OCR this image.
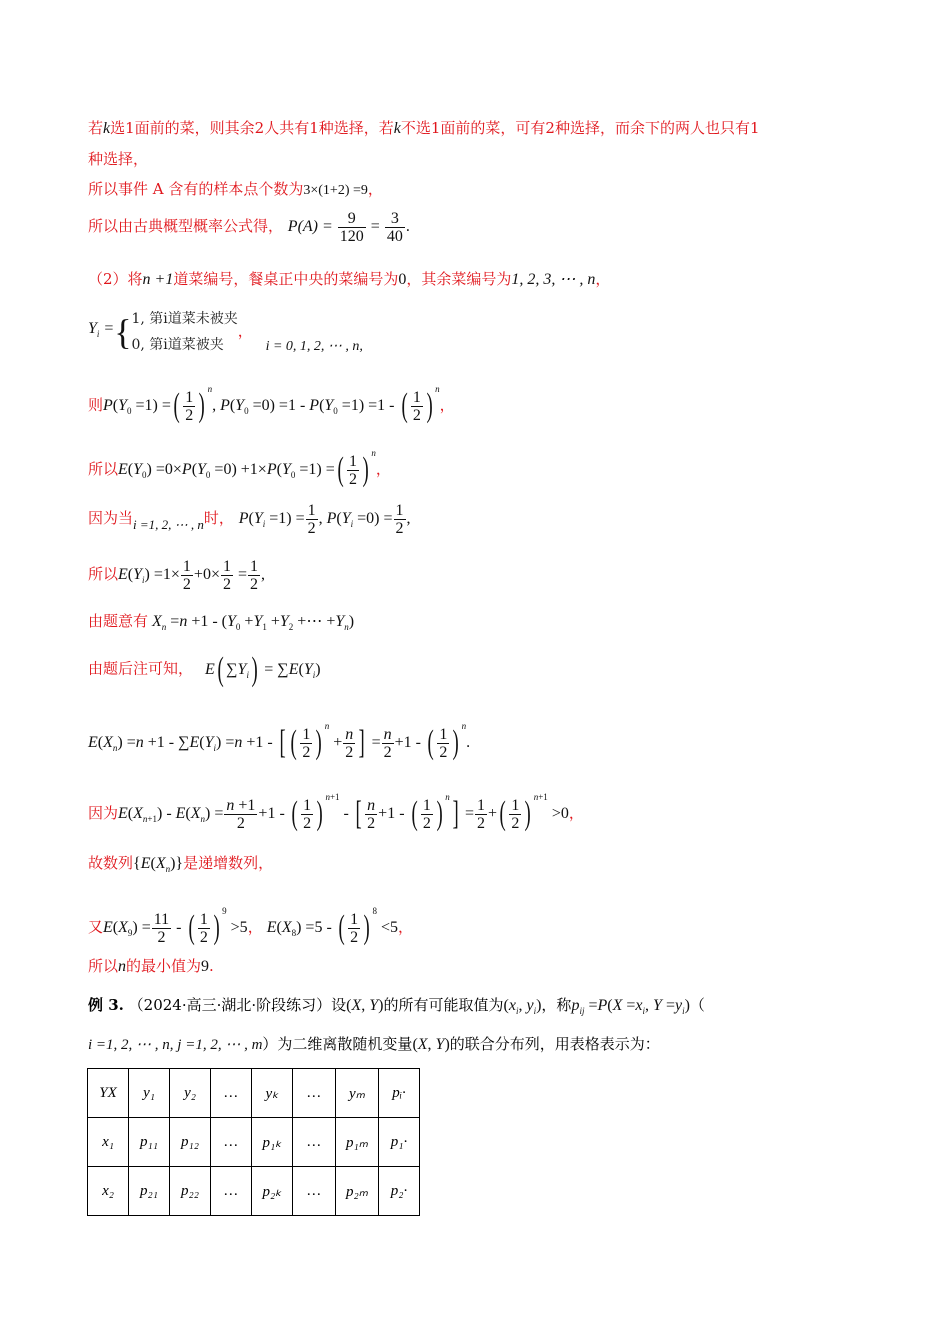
若k选1面前的菜，则其余2人共有1种选择，若k不选1面前的菜，可有2种选择，而余下的两人也只有1
种选择，
所以事件 A 含有的样本点个数为3×(1+2) =9，
所以由古典概型概率公式得， $P(A) = \frac{9}{120} = \frac{3}{40}$ .
（2）将n +1道菜编号，餐桌正中央的菜编号为0，其余菜编号为1, 2, 3, ⋯ , n，
$Y_i$ ={ 1, 第i道菜未被夹
0, 第i道菜被夹
， i = 0, 1, 2, ⋯ , n,
则$P(Y_0 =1)$ =( $\frac{1}{2}$ ) $^n$, $P(Y_0 =0) =1 - P(Y_0 =1) =1$ - ( $\frac{1}{2}$ ) $^n$，
所以$E(Y_0) =0\times P(Y_0 =0) +1\times P(Y_0 =1)$ =( $\frac{1}{2}$ ) $^n$，
因为当i =1, 2, ⋯ , n时， $P(Y_i =1) = \frac{1}{2}$ , $P(Y_i =0) = \frac{1}{2}$ ,
所以$E(Y_i) =1\times \frac{1}{2} +0\times \frac{1}{2} = \frac{1}{2}$ ,
由题意有 $X_n =n +1 - (Y_0 +Y_1 +Y_2$ +⋯ $+Y_n$)
由题后注可知， E( $\sum Y_i) = \sum E(Y_i)$
$E(X_n) =n +1 - \sum E(Y_i) =n +1$ - [ ( $\frac{1}{2}$ ) $^n + \frac{n}{2}$ ] = $\frac{n}{2} +1$ - ( $\frac{1}{2}$ ) $^n$.
因为$E(X_{n+1}) - E(X_n) = \frac{n +1}{2} +1$ - ( $\frac{1}{2}$ ) $^{n+1}$ - [ $\frac{n}{2} +1$ - ( $\frac{1}{2}$ ) $^n] = \frac{1}{2}$ +( $\frac{1}{2}$ ) $^{n+1}$ >0，
故数列$\{E(X_n)\}$是递增数列，
又$E(X_9) = \frac{11}{2}$ - ( $\frac{1}{2}$ ) $^9$ >5， $E(X_8) =5$ - ( $\frac{1}{2}$ ) $^8$ <5，
所以n的最小值为9.
例 3. （2024·高三·湖北·阶段练习）设(X, Y)的所有可能取值为($x_i$, $y_i$)，称$p_{ij} =P(X =x_i$, $Y =y_i$)（
i =1, 2, ⋯ , n, j =1, 2, ⋯ , m）为二维离散随机变量(X, Y)的联合分布列，用表格表示为：
YX	y₁	y₂	…	yₖ	…	yₘ	pᵢ·
x₁	p₁₁	p₁₂	…	p₁ₖ	…	p₁ₘ	p₁·
x₂	p₂₁	p₂₂	…	p₂ₖ	…	p₂ₘ	p₂·
